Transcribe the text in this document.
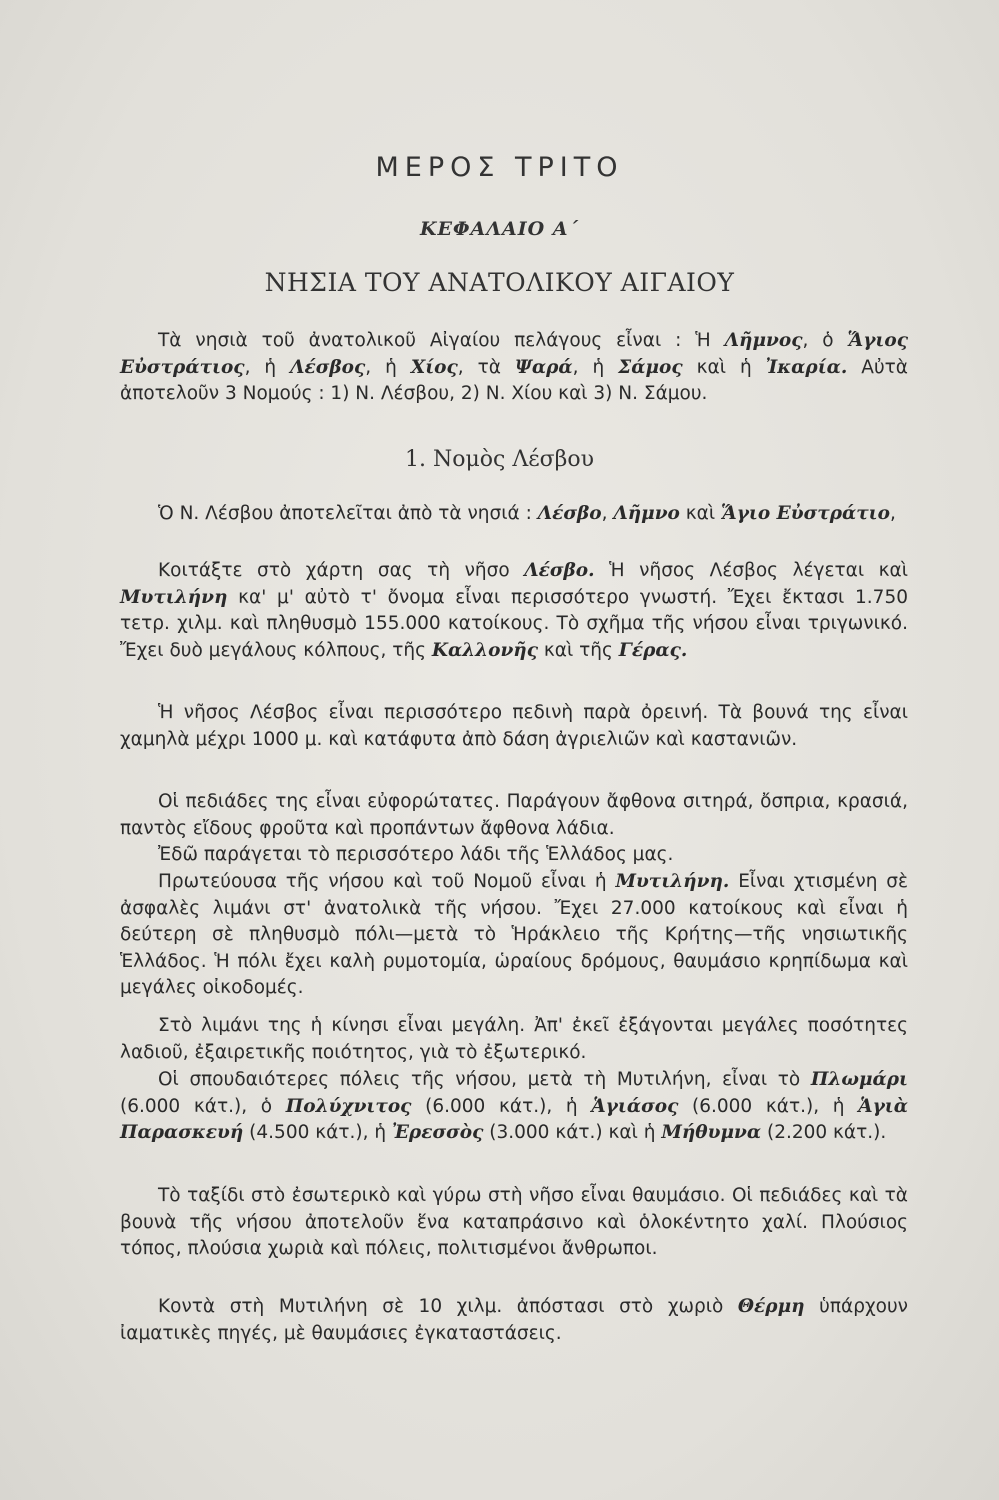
ΜΕΡΟΣ ΤΡΙΤΟ
ΚΕΦΑΛΑΙΟ Α΄
ΝΗΣΙΑ ΤΟΥ ΑΝΑΤΟΛΙΚΟΥ ΑΙΓΑΙΟΥ

Τὰ νησιὰ τοῦ ἀνατολικοῦ Αἰγαίου πελάγους εἶναι : Ἡ Λῆμνος, ὁ Ἅγιος Εὐστράτιος, ἡ Λέσβος, ἡ Χίος, τὰ Ψαρά, ἡ Σάμος καὶ ἡ Ἰκαρία. Αὐτὰ ἀποτελοῦν 3 Νομούς : 1) Ν. Λέσβου, 2) Ν. Χίου καὶ 3) Ν. Σάμου.

1. Νομὸς Λέσβου

Ὁ Ν. Λέσβου ἀποτελεῖται ἀπὸ τὰ νησιά : Λέσβο, Λῆμνο καὶ Ἅγιο Εὐστράτιο,

Κοιτάξτε στὸ χάρτη σας τὴ νῆσο Λέσβο. Ἡ νῆσος Λέσβος λέγεται καὶ Μυτιλήνη κα' μ' αὐτὸ τ' ὄνομα εἶναι περισσότερο γνωστή. Ἔχει ἔκτασι 1.750 τετρ. χιλμ. καὶ πληθυσμὸ 155.000 κατοίκους. Τὸ σχῆμα τῆς νήσου εἶναι τριγωνικό. Ἔχει δυὸ μεγάλους κόλπους, τῆς Καλλονῆς καὶ τῆς Γέρας.

Ἡ νῆσος Λέσβος εἶναι περισσότερο πεδινὴ παρὰ ὀρεινή. Τὰ βουνά της εἶναι χαμηλὰ μέχρι 1000 μ. καὶ κατάφυτα ἀπὸ δάση ἀγριελιῶν καὶ καστανιῶν.

Οἱ πεδιάδες της εἶναι εὐφορώτατες. Παράγουν ἄφθονα σιτηρά, ὄσπρια, κρασιά, παντὸς εἴδους φροῦτα καὶ προπάντων ἄφθονα λάδια.

Ἐδῶ παράγεται τὸ περισσότερο λάδι τῆς Ἑλλάδος μας.

Πρωτεύουσα τῆς νήσου καὶ τοῦ Νομοῦ εἶναι ἡ Μυτιλήνη. Εἶναι χτισμένη σὲ ἀσφαλὲς λιμάνι στ' ἀνατολικὰ τῆς νήσου. Ἔχει 27.000 κατοίκους καὶ εἶναι ἡ δεύτερη σὲ πληθυσμὸ πόλι—μετὰ τὸ Ἡράκλειο τῆς Κρήτης—τῆς νησιωτικῆς Ἑλλάδος. Ἡ πόλι ἔχει καλὴ ρυμοτομία, ὡραίους δρόμους, θαυμάσιο κρηπίδωμα καὶ μεγάλες οἰκοδομές.

Στὸ λιμάνι της ἡ κίνησι εἶναι μεγάλη. Ἀπ' ἐκεῖ ἐξάγονται μεγάλες ποσότητες λαδιοῦ, ἐξαιρετικῆς ποιότητος, γιὰ τὸ ἐξωτερικό.

Οἱ σπουδαιότερες πόλεις τῆς νήσου, μετὰ τὴ Μυτιλήνη, εἶναι τὸ Πλωμάρι (6.000 κάτ.), ὁ Πολύχνιτος (6.000 κάτ.), ἡ Ἁγιάσος (6.000 κάτ.), ἡ Ἁγιὰ Παρασκευή (4.500 κάτ.), ἡ Ἐρεσσὸς (3.000 κάτ.) καὶ ἡ Μήθυμνα (2.200 κάτ.).

Τὸ ταξίδι στὸ ἐσωτερικὸ καὶ γύρω στὴ νῆσο εἶναι θαυμάσιο. Οἱ πεδιάδες καὶ τὰ βουνὰ τῆς νήσου ἀποτελοῦν ἕνα καταπράσινο καὶ ὁλοκέντητο χαλί. Πλούσιος τόπος, πλούσια χωριὰ καὶ πόλεις, πολιτισμένοι ἄνθρωποι.

Κοντὰ στὴ Μυτιλήνη σὲ 10 χιλμ. ἀπόστασι στὸ χωριὸ Θέρμη ὑπάρχουν ἰαματικὲς πηγές, μὲ θαυμάσιες ἐγκαταστάσεις.
